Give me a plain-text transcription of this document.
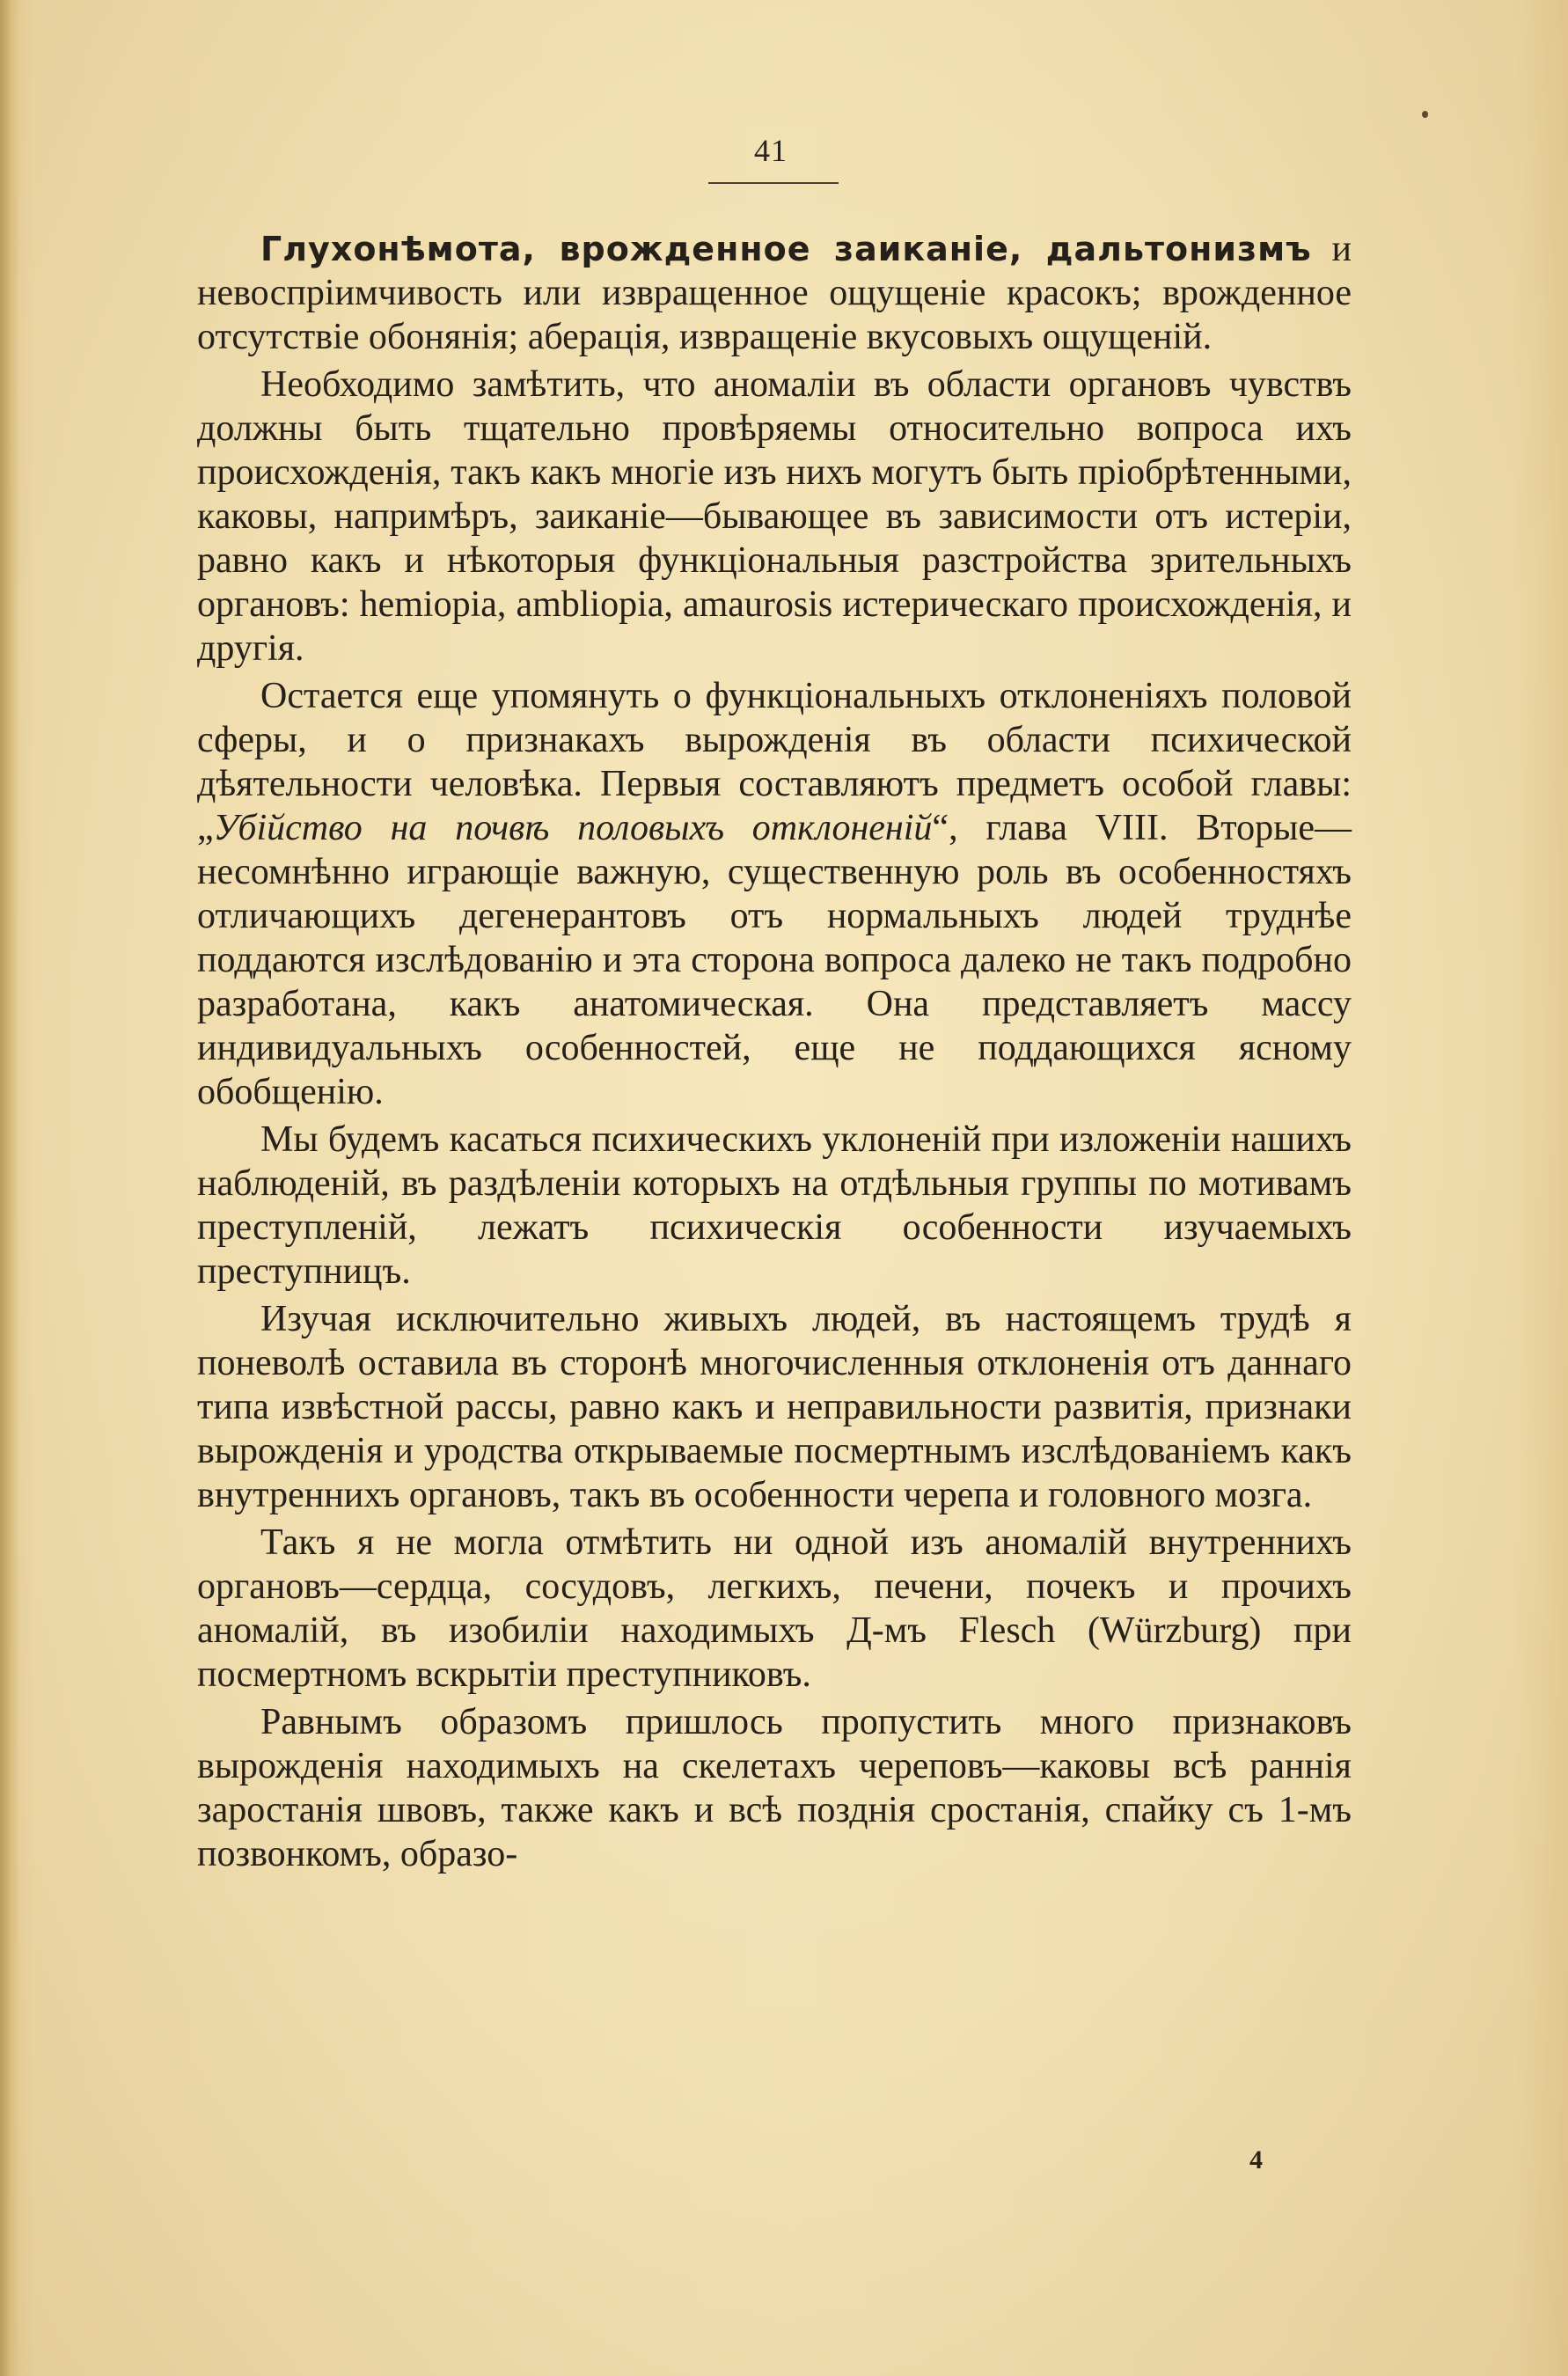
41

Глухонѣмота, врожденное заиканіе, дальтонизмъ и невоспріимчивость или извращенное ощущеніе красокъ; врожденное отсутствіе обонянія; аберація, извращеніе вкусовыхъ ощущеній.

Необходимо замѣтить, что аномаліи въ области органовъ чувствъ должны быть тщательно провѣряемы относительно вопроса ихъ происхожденія, такъ какъ многіе изъ нихъ могутъ быть пріобрѣтенными, каковы, напримѣръ, заиканіе—бывающее въ зависимости отъ истеріи, равно какъ и нѣкоторыя функціональныя разстройства зрительныхъ органовъ: hemiopia, amblіopia, amaurosis истерическаго происхожденія, и другія.

Остается еще упомянуть о функціональныхъ отклоненіяхъ половой сферы, и о признакахъ вырожденія въ области психической дѣятельности человѣка. Первыя составляютъ предметъ особой главы: „Убійство на почвѣ половыхъ отклоненій“, глава VIII. Вторые—несомнѣнно играющіе важную, существенную роль въ особенностяхъ отличающихъ дегенерантовъ отъ нормальныхъ людей труднѣе поддаются изслѣдованію и эта сторона вопроса далеко не такъ подробно разработана, какъ анатомическая. Она представляетъ массу индивидуальныхъ особенностей, еще не поддающихся ясному обобщенію.

Мы будемъ касаться психическихъ уклоненій при изложеніи нашихъ наблюденій, въ раздѣленіи которыхъ на отдѣльныя группы по мотивамъ преступленій, лежатъ психическія особенности изучаемыхъ преступницъ.

Изучая исключительно живыхъ людей, въ настоящемъ трудѣ я поневолѣ оставила въ сторонѣ многочисленныя отклоненія отъ даннаго типа извѣстной рассы, равно какъ и неправильности развитія, признаки вырожденія и уродства открываемые посмертнымъ изслѣдованіемъ какъ внутреннихъ органовъ, такъ въ особенности черепа и головного мозга.

Такъ я не могла отмѣтить ни одной изъ аномалій внутреннихъ органовъ—сердца, сосудовъ, легкихъ, печени, почекъ и прочихъ аномалій, въ изобиліи находимыхъ Д-мъ Flesch (Würzburg) при посмертномъ вскрытіи преступниковъ.

Равнымъ образомъ пришлось пропустить много признаковъ вырожденія находимыхъ на скелетахъ череповъ—каковы всѣ раннія заростанія швовъ, также какъ и всѣ позднія сростанія, спайку съ 1-мъ позвонкомъ, образо-

4
